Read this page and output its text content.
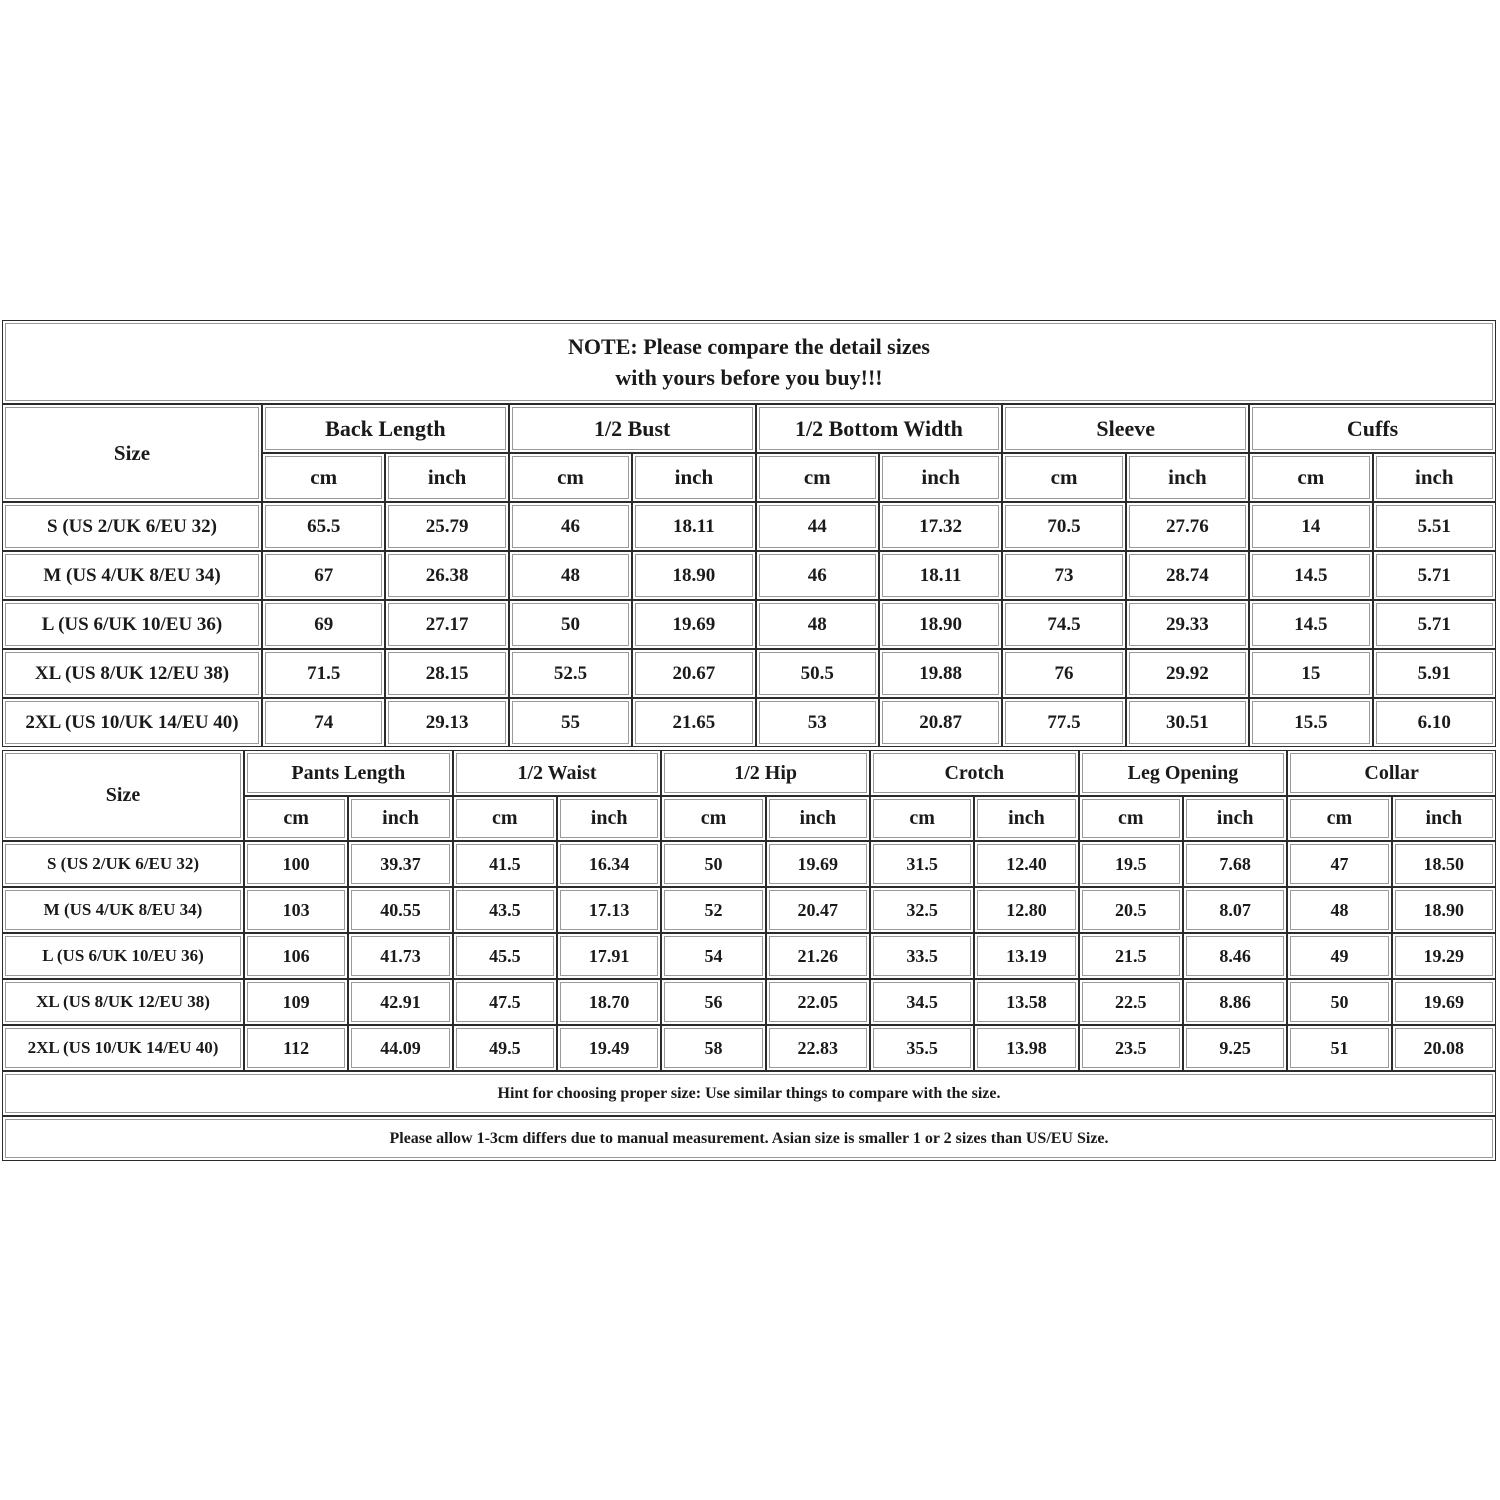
NOTE: Please compare the detail sizes
with yours before you buy!!!
Size	Back Length		1/2 Bust		1/2 Bottom Width		Sleeve		Cuffs	
	cm	inch	cm	inch	cm	inch	cm	inch	cm	inch
S (US 2/UK 6/EU 32)	65.5	25.79	46	18.11	44	17.32	70.5	27.76	14	5.51
M (US 4/UK 8/EU 34)	67	26.38	48	18.90	46	18.11	73	28.74	14.5	5.71
L (US 6/UK 10/EU 36)	69	27.17	50	19.69	48	18.90	74.5	29.33	14.5	5.71
XL (US 8/UK 12/EU 38)	71.5	28.15	52.5	20.67	50.5	19.88	76	29.92	15	5.91
2XL (US 10/UK 14/EU 40)	74	29.13	55	21.65	53	20.87	77.5	30.51	15.5	6.10
Size	Pants Length		1/2 Waist		1/2 Hip		Crotch		Leg Opening		Collar	
	cm	inch	cm	inch	cm	inch	cm	inch	cm	inch	cm	inch
S (US 2/UK 6/EU 32)	100	39.37	41.5	16.34	50	19.69	31.5	12.40	19.5	7.68	47	18.50
M (US 4/UK 8/EU 34)	103	40.55	43.5	17.13	52	20.47	32.5	12.80	20.5	8.07	48	18.90
L (US 6/UK 10/EU 36)	106	41.73	45.5	17.91	54	21.26	33.5	13.19	21.5	8.46	49	19.29
XL (US 8/UK 12/EU 38)	109	42.91	47.5	18.70	56	22.05	34.5	13.58	22.5	8.86	50	19.69
2XL (US 10/UK 14/EU 40)	112	44.09	49.5	19.49	58	22.83	35.5	13.98	23.5	9.25	51	20.08
Hint for choosing proper size: Use similar things to compare with the size.
Please allow 1-3cm differs due to manual measurement. Asian size is smaller 1 or 2 sizes than US/EU Size.
